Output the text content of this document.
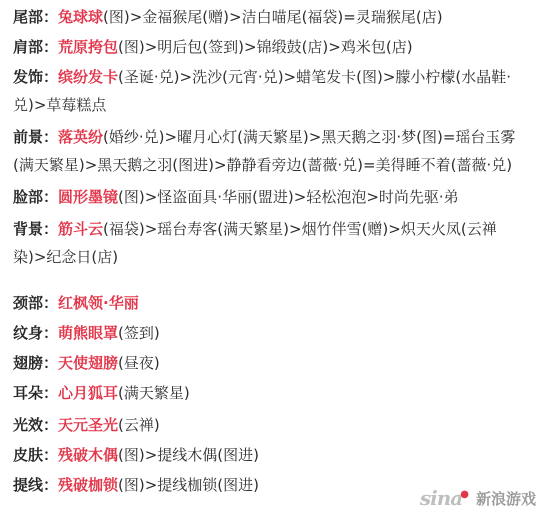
尾部：兔球球(图)>金福猴尾(赠)>洁白喵尾(福袋)=灵瑞猴尾(店)
肩部：荒原挎包(图)>明后包(签到)>锦缎鼓(店)>鸡米包(店)
发饰：缤纷发卡(圣诞·兑)>洗沙(元宵·兑)>蜡笔发卡(图)>朦小柠檬(水晶鞋·
兑)>草莓糕点
前景：落英纷(婚纱·兑)>曜月心灯(满天繁星)>黑天鹅之羽·梦(图)=瑶台玉雾
(满天繁星)>黑天鹅之羽(图进)>静静看旁边(蔷薇·兑)=美得睡不着(蔷薇·兑)
脸部：圆形墨镜(图)>怪盗面具·华丽(盟进)>轻松泡泡>时尚先驱·弟
背景：筋斗云(福袋)>瑶台寿客(满天繁星)>烟竹伴雪(赠)>炽天火凤(云禅
染)>纪念日(店)
颈部：红枫领·华丽
纹身：萌熊眼罩(签到)
翅膀：天使翅膀(昼夜)
耳朵：心月狐耳(满天繁星)
光效：天元圣光(云禅)
皮肤：残破木偶(图)>提线木偶(图进)
提线：残破枷锁(图)>提线枷锁(图进)
sina● 新浪游戏
